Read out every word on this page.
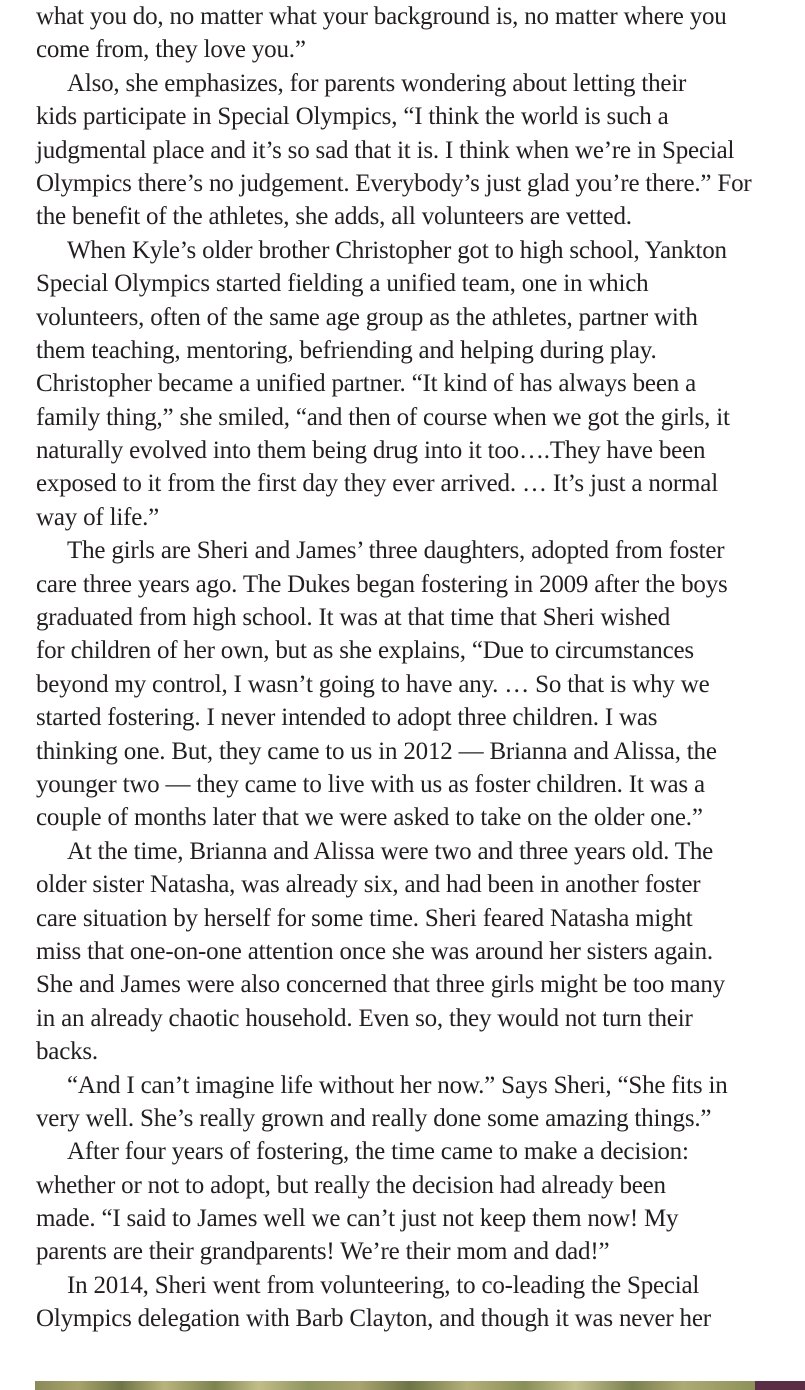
what you do, no matter what your background is, no matter where you
come from, they love you.”
Also, she emphasizes, for parents wondering about letting their
kids participate in Special Olympics, “I think the world is such a
judgmental place and it’s so sad that it is. I think when we’re in Special
Olympics there’s no judgement. Everybody’s just glad you’re there.” For
the benefit of the athletes, she adds, all volunteers are vetted.
When Kyle’s older brother Christopher got to high school, Yankton
Special Olympics started fielding a unified team, one in which
volunteers, often of the same age group as the athletes, partner with
them teaching, mentoring, befriending and helping during play.
Christopher became a unified partner. “It kind of has always been a
family thing,” she smiled, “and then of course when we got the girls, it
naturally evolved into them being drug into it too….They have been
exposed to it from the first day they ever arrived. … It’s just a normal
way of life.”
The girls are Sheri and James’ three daughters, adopted from foster
care three years ago. The Dukes began fostering in 2009 after the boys
graduated from high school. It was at that time that Sheri wished
for children of her own, but as she explains, “Due to circumstances
beyond my control, I wasn’t going to have any. … So that is why we
started fostering. I never intended to adopt three children. I was
thinking one. But, they came to us in 2012 — Brianna and Alissa, the
younger two — they came to live with us as foster children. It was a
couple of months later that we were asked to take on the older one.”
At the time, Brianna and Alissa were two and three years old. The
older sister Natasha, was already six, and had been in another foster
care situation by herself for some time. Sheri feared Natasha might
miss that one-on-one attention once she was around her sisters again.
She and James were also concerned that three girls might be too many
in an already chaotic household. Even so, they would not turn their
backs.
“And I can’t imagine life without her now.” Says Sheri, “She fits in
very well. She’s really grown and really done some amazing things.”
After four years of fostering, the time came to make a decision:
whether or not to adopt, but really the decision had already been
made. “I said to James well we can’t just not keep them now! My
parents are their grandparents! We’re their mom and dad!”
In 2014, Sheri went from volunteering, to co-leading the Special
Olympics delegation with Barb Clayton, and though it was never her
